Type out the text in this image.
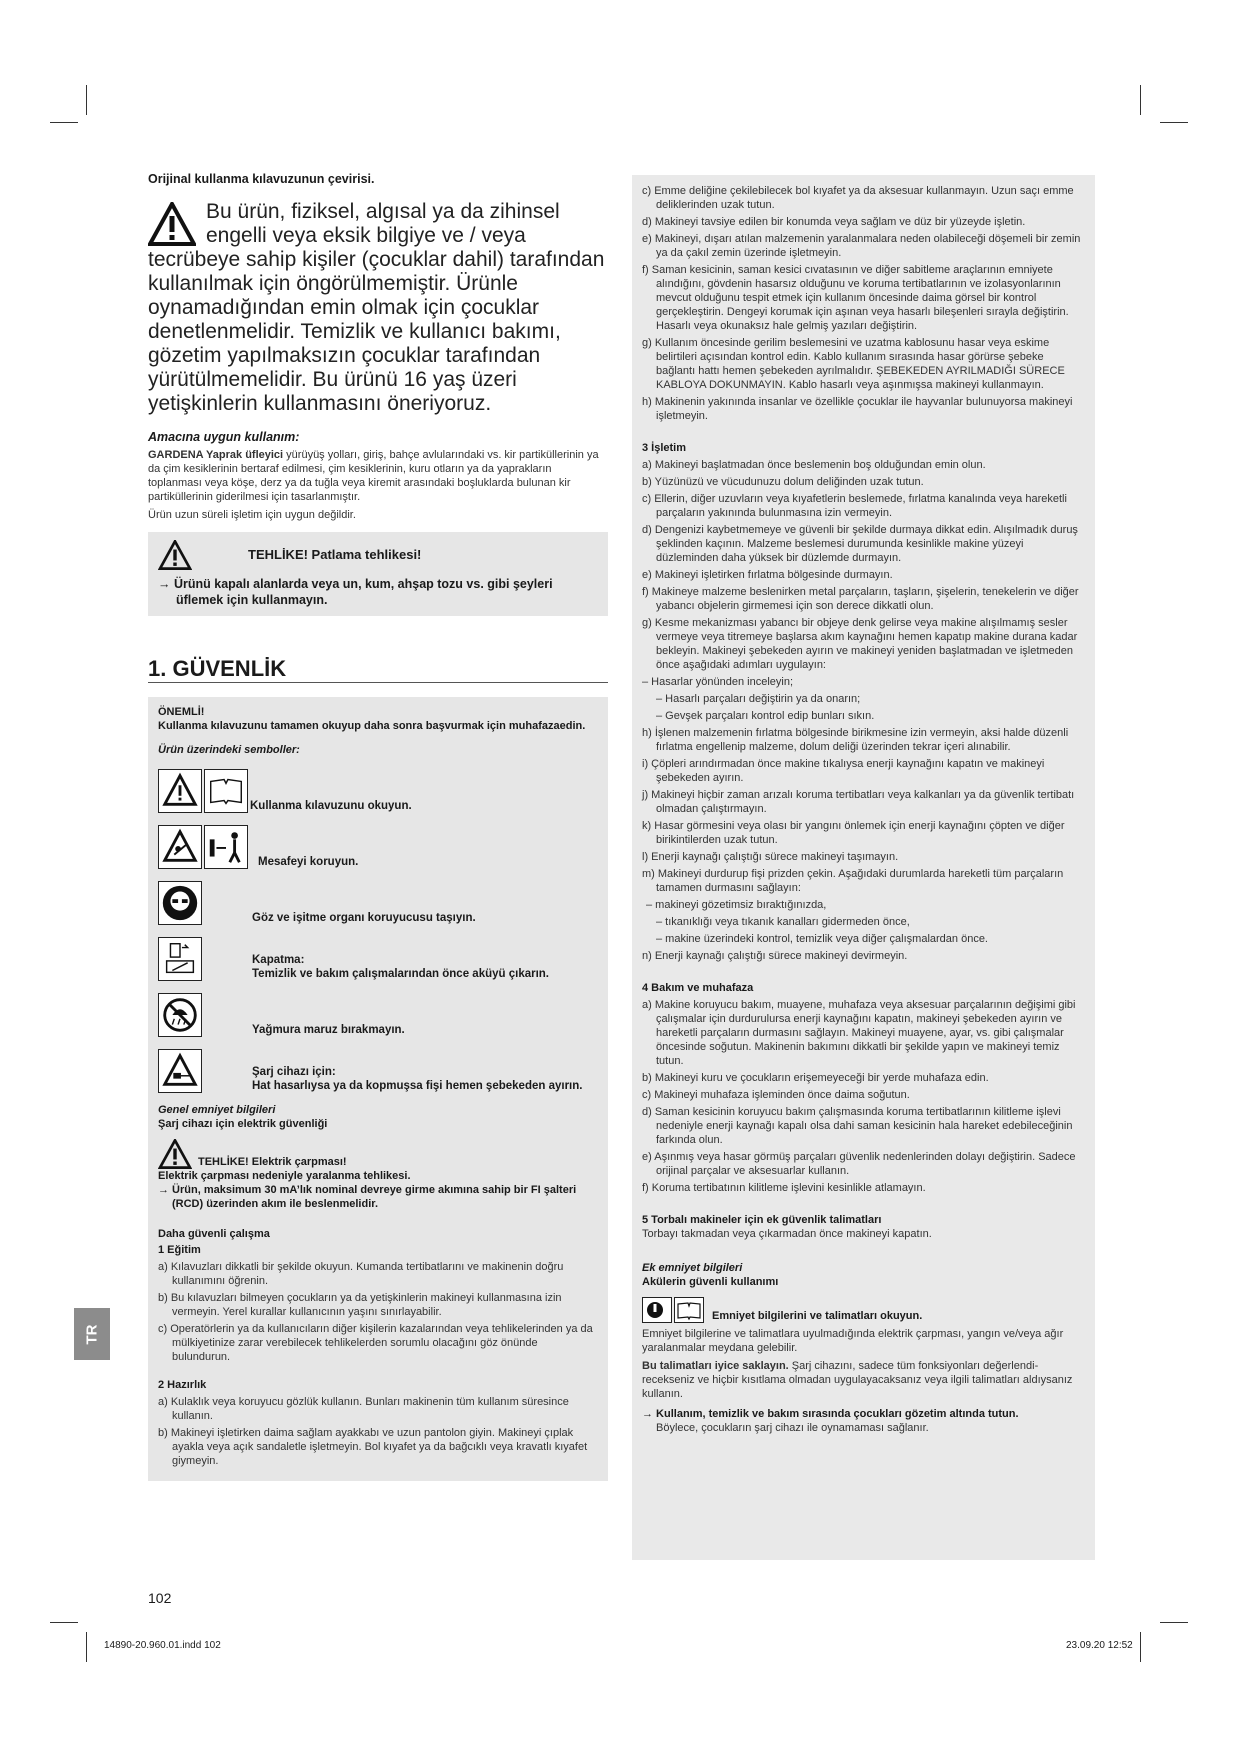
Orijinal kullanma kılavuzunun çevirisi.
Bu ürün, fiziksel, algısal ya da zihinsel engelli veya eksik bilgiye ve / veya tecrübeye sahip kişiler (çocuklar dahil) tarafından kullanılmak için öngörülmemiştir. Ürünle oynamadığından emin olmak için çocuklar denetlenmelidir. Temizlik ve kullanıcı bakımı, gözetim yapılmaksızın çocuklar tarafından yürütülmemelidir. Bu ürünü 16 yaş üzeri yetişkinlerin kullanmasını öneriyoruz.
Amacına uygun kullanım:

GARDENA Yaprak üfleyici yürüyüş yolları, giriş, bahçe avlularındaki vs. kir partiküllerinin ya da çim kesiklerinin bertaraf edilmesi, çim kesiklerinin, kuru otların ya da yaprakların toplanması veya köşe, derz ya da tuğla veya kiremit arasındaki boşluklarda bulunan kir partiküllerinin giderilmesi için tasarlanmıştır.

Ürün uzun süreli işletim için uygun değildir.

TEHLİKE! Patlama tehlikesi!
→ Ürünü kapalı alanlarda veya un, kum, ahşap tozu vs. gibi şeyleri üflemek için kullanmayın.
1. GÜVENLİK
ÖNEMLİ!
Kullanma kılavuzunu tamamen okuyup daha sonra başvurmak için muhafazaedin.
Ürün üzerindeki semboller:
Kullanma kılavuzunu okuyun.
Mesafeyi koruyun.
Göz ve işitme organı koruyucusu taşıyın.
Kapatma:
Temizlik ve bakım çalışmalarından önce aküyü çıkarın.
Yağmura maruz bırakmayın.
Şarj cihazı için:
Hat hasarlıysa ya da kopmuşsa fişi hemen şebekeden ayırın.
Genel emniyet bilgileri
Şarj cihazı için elektrik güvenliği
TEHLİKE! Elektrik çarpması!
Elektrik çarpması nedeniyle yaralanma tehlikesi.
→ Ürün, maksimum 30 mA’lık nominal devreye girme akımına sahip bir FI şalteri (RCD) üzerinden akım ile beslenmelidir.
Daha güvenli çalışma
1 Eğitim
a) Kılavuzları dikkatli bir şekilde okuyun. Kumanda tertibatlarını ve makinenin doğru kullanımını öğrenin.
b) Bu kılavuzları bilmeyen çocukların ya da yetişkinlerin makineyi kullanmasına izin vermeyin. Yerel kurallar kullanıcının yaşını sınırlayabilir.
c) Operatörlerin ya da kullanıcıların diğer kişilerin kazalarından veya tehlikelerinden ya da mülkiyetinize zarar verebilecek tehlikelerden sorumlu olacağını göz önünde bulundurun.
2 Hazırlık
a) Kulaklık veya koruyucu gözlük kullanın. Bunları makinenin tüm kullanım süresince kullanın.
b) Makineyi işletirken daima sağlam ayakkabı ve uzun pantolon giyin. Makineyi çıplak ayakla veya açık sandaletle işletmeyin. Bol kıyafet ya da bağcıklı veya kravatlı kıyafet giymeyin.
c) Emme deliğine çekilebilecek bol kıyafet ya da aksesuar kullanmayın. Uzun saçı emme deliklerinden uzak tutun.
d) Makineyi tavsiye edilen bir konumda veya sağlam ve düz bir yüzeyde işletin.
e) Makineyi, dışarı atılan malzemenin yaralanmalara neden olabileceği döşemeli bir zemin ya da çakıl zemin üzerinde işletmeyin.
f) Saman kesicinin, saman kesici cıvatasının ve diğer sabitleme araçlarının emniyete alındığını, gövdenin hasarsız olduğunu ve koruma tertibatlarının ve izolasyonlarının mevcut olduğunu tespit etmek için kullanım öncesinde daima görsel bir kontrol gerçekleştirin. Dengeyi korumak için aşınan veya hasarlı bileşenleri sırayla değiştirin. Hasarlı veya okunaksız hale gelmiş yazıları değiştirin.
g) Kullanım öncesinde gerilim beslemesini ve uzatma kablosunu hasar veya eskime belirtileri açısından kontrol edin. Kablo kullanım sırasında hasar görürse şebeke bağlantı hattı hemen şebekeden ayrılmalıdır. ŞEBEKEDEN AYRILMADIĞI SÜRECE KABLOYA DOKUNMAYIN. Kablo hasarlı veya aşınmışsa makineyi kullanmayın.
h) Makinenin yakınında insanlar ve özellikle çocuklar ile hayvanlar bulunuyorsa makineyi işletmeyin.
3 İşletim
a) Makineyi başlatmadan önce beslemenin boş olduğundan emin olun.
b) Yüzünüzü ve vücudunuzu dolum deliğinden uzak tutun.
c) Ellerin, diğer uzuvların veya kıyafetlerin beslemede, fırlatma kanalında veya hareketli parçaların yakınında bulunmasına izin vermeyin.
d) Dengenizi kaybetmemeye ve güvenli bir şekilde durmaya dikkat edin. Alışılmadık duruş şeklinden kaçının. Malzeme beslemesi durumunda kesinlikle makine yüzeyi düzleminden daha yüksek bir düzlemde durmayın.
e) Makineyi işletirken fırlatma bölgesinde durmayın.
f) Makineye malzeme beslenirken metal parçaların, taşların, şişelerin, tenekelerin ve diğer yabancı objelerin girmemesi için son derece dikkatli olun.
g) Kesme mekanizması yabancı bir objeye denk gelirse veya makine alışılmamış sesler vermeye veya titremeye başlarsa akım kaynağını hemen kapatıp makine durana kadar bekleyin. Makineyi şebekeden ayırın ve makineyi yeniden başlatmadan ve işletmeden önce aşağıdaki adımları uygulayın:
– Hasarlar yönünden inceleyin;
– Hasarlı parçaları değiştirin ya da onarın;
– Gevşek parçaları kontrol edip bunları sıkın.
h) İşlenen malzemenin fırlatma bölgesinde birikmesine izin vermeyin, aksi halde düzenli fırlatma engellenip malzeme, dolum deliği üzerinden tekrar içeri alınabilir.
i) Çöpleri arındırmadan önce makine tıkalıysa enerji kaynağını kapatın ve makineyi şebekeden ayırın.
j) Makineyi hiçbir zaman arızalı koruma tertibatları veya kalkanları ya da güvenlik tertibatı olmadan çalıştırmayın.
k) Hasar görmesini veya olası bir yangını önlemek için enerji kaynağını çöpten ve diğer birikintilerden uzak tutun.
l) Enerji kaynağı çalıştığı sürece makineyi taşımayın.
m) Makineyi durdurup fişi prizden çekin. Aşağıdaki durumlarda hareketli tüm parçaların tamamen durmasını sağlayın:
– makineyi gözetimsiz bıraktığınızda,
– tıkanıklığı veya tıkanık kanalları gidermeden önce,
– makine üzerindeki kontrol, temizlik veya diğer çalışmalardan önce.
n) Enerji kaynağı çalıştığı sürece makineyi devirmeyin.
4 Bakım ve muhafaza
a) Makine koruyucu bakım, muayene, muhafaza veya aksesuar parçalarının değişimi gibi çalışmalar için durdurulursa enerji kaynağını kapatın, makineyi şebekeden ayırın ve hareketli parçaların durmasını sağlayın. Makineyi muayene, ayar, vs. gibi çalışmalar öncesinde soğutun. Makinenin bakımını dikkatli bir şekilde yapın ve makineyi temiz tutun.
b) Makineyi kuru ve çocukların erişemeyeceği bir yerde muhafaza edin.
c) Makineyi muhafaza işleminden önce daima soğutun.
d) Saman kesicinin koruyucu bakım çalışmasında koruma tertibatlarının kilitleme işlevi nedeniyle enerji kaynağı kapalı olsa dahi saman kesicinin hala hareket edebileceğinin farkında olun.
e) Aşınmış veya hasar görmüş parçaları güvenlik nedenlerinden dolayı değiştirin. Sadece orijinal parçalar ve aksesuarlar kullanın.
f) Koruma tertibatının kilitleme işlevini kesinlikle atlamayın.
5 Torbalı makineler için ek güvenlik talimatları
Torbayı takmadan veya çıkarmadan önce makineyi kapatın.
Ek emniyet bilgileri
Akülerin güvenli kullanımı
Emniyet bilgilerini ve talimatları okuyun.

Emniyet bilgilerine ve talimatlara uyulmadığında elektrik çarpması, yangın ve/veya ağır yaralanmalar meydana gelebilir.

Bu talimatları iyice saklayın. Şarj cihazını, sadece tüm fonksiyonları değerlendirecekseniz ve hiçbir kısıtlama olmadan uygulayacaksanız veya ilgili talimatları aldıysanız kullanın.

→ Kullanım, temizlik ve bakım sırasında çocukları gözetim altında tutun.
Böylece, çocukların şarj cihazı ile oynamaması sağlanır.
TR
102
14890-20.960.01.indd 102	23.09.20 12:52
